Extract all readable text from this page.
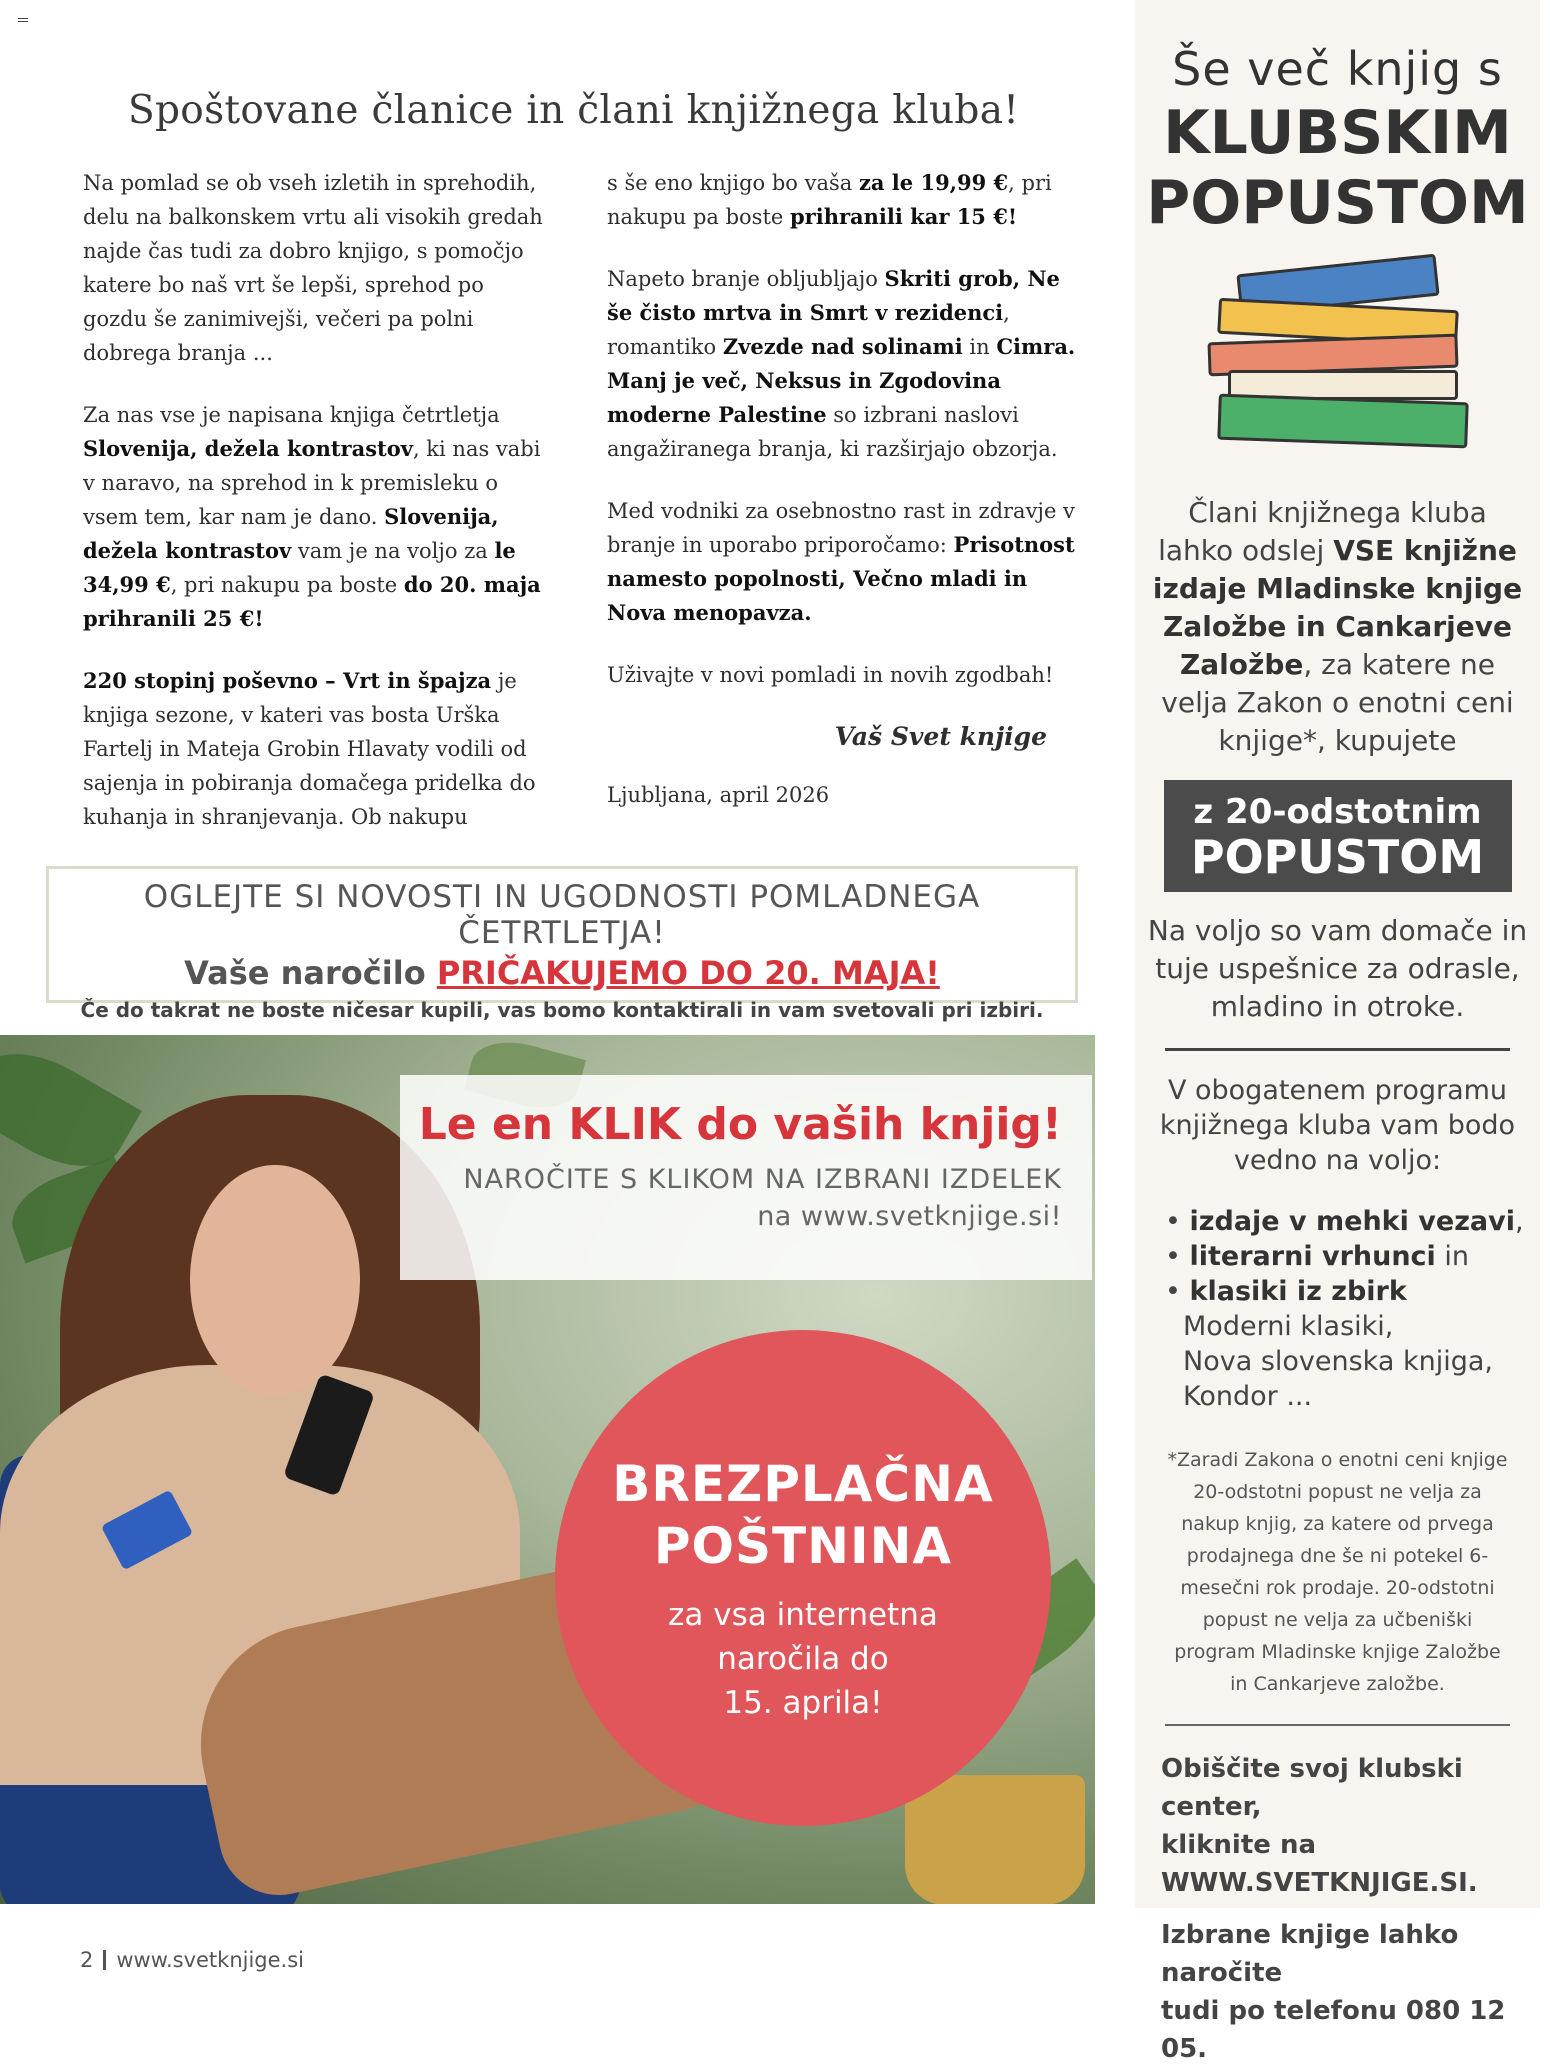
Spoštovane članice in člani knjižnega kluba!

Na pomlad se ob vseh izletih in sprehodih, delu na balkonskem vrtu ali visokih gredah najde čas tudi za dobro knjigo, s pomočjo katere bo naš vrt še lepši, sprehod po gozdu še zanimivejši, večeri pa polni dobrega branja ...

Za nas vse je napisana knjiga četrtletja Slovenija, dežela kontrastov, ki nas vabi v naravo, na sprehod in k premisleku o vsem tem, kar nam je dano. Slovenija, dežela kontrastov vam je na voljo za le 34,99 €, pri nakupu pa boste do 20. maja prihranili 25 €!

220 stopinj poševno – Vrt in špajza je knjiga sezone, v kateri vas bosta Urška Fartelj in Mateja Grobin Hlavaty vodili od sajenja in pobiranja domačega pridelka do kuhanja in shranjevanja. Ob nakupu

s še eno knjigo bo vaša za le 19,99 €, pri nakupu pa boste prihranili kar 15 €!

Napeto branje obljubljajo Skriti grob, Ne še čisto mrtva in Smrt v rezidenci, romantiko Zvezde nad solinami in Cimra. Manj je več, Neksus in Zgodovina moderne Palestine so izbrani naslovi angažiranega branja, ki razširjajo obzorja.

Med vodniki za osebnostno rast in zdravje v branje in uporabo priporočamo: Prisotnost namesto popolnosti, Večno mladi in Nova menopavza.

Uživajte v novi pomladi in novih zgodbah!

Vaš Svet knjige
Ljubljana, april 2026
OGLEJTE SI NOVOSTI IN UGODNOSTI POMLADNEGA ČETRTLETJA!
Vaše naročilo PRIČAKUJEMO DO 20. MAJA!
Če do takrat ne boste ničesar kupili, vas bomo kontaktirali in vam svetovali pri izbiri.
Le en KLIK do vaših knjig!
NAROČITE S KLIKOM NA IZBRANI IZDELEK
na www.svetknjige.si!
BREZPLAČNA
POŠTNINA
za vsa internetna
naročila do
15. aprila!
2 www.svetknjige.si
Še več knjig s
KLUBSKIM
POPUSTOM
Člani knjižnega kluba lahko odslej VSE knjižne izdaje Mladinske knjige Založbe in Cankarjeve Založbe, za katere ne velja Zakon o enotni ceni knjige*, kupujete
z 20-odstotnim
POPUSTOM
Na voljo so vam domače in tuje uspešnice za odrasle, mladino in otroke.
V obogatenem programu knjižnega kluba vam bodo vedno na voljo:
• izdaje v mehki vezavi,
• literarni vrhunci in
• klasiki iz zbirk
Moderni klasiki,
Nova slovenska knjiga,
Kondor ...
*Zaradi Zakona o enotni ceni knjige 20-odstotni popust ne velja za nakup knjig, za katere od prvega prodajnega dne še ni potekel 6-mesečni rok prodaje. 20-odstotni popust ne velja za učbeniški program Mladinske knjige Založbe in Cankarjeve založbe.
Obiščite svoj klubski center,
kliknite na WWW.SVETKNJIGE.SI.
Izbrane knjige lahko naročite
tudi po telefonu 080 12 05.
